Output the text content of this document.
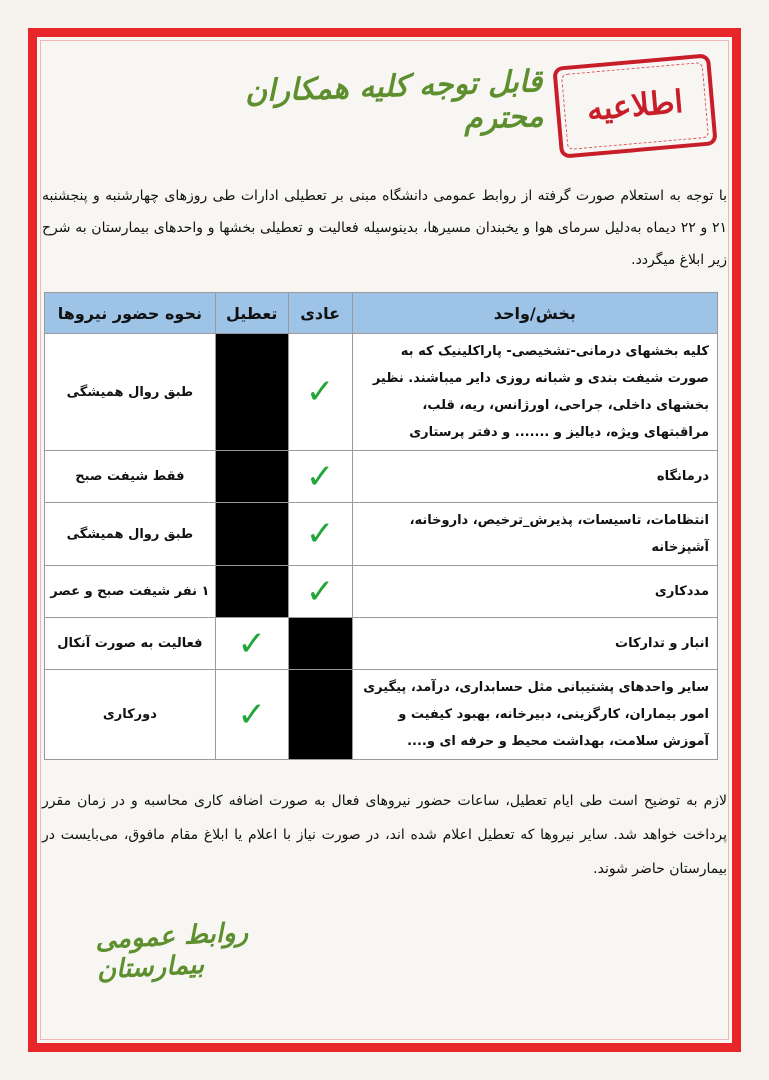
اطلاعیه
قابل توجه کلیه همکاران محترم
با توجه به استعلام صورت گرفته از روابط عمومی دانشگاه مبنی بر تعطیلی ادارات طی روزهای چهارشنبه و پنجشنبه ۲۱ و ۲۲ دیماه به‌دلیل سرمای هوا و یخبندان مسیرها، بدینوسیله فعالیت و تعطیلی بخشها و واحدهای بیمارستان به شرح زیر ابلاغ میگردد.
بخش/واحد	عادی	تعطیل	نحوه حضور نیروها
کلیه بخشهای درمانی-تشخیصی- پاراکلینیک که به صورت شیفت بندی و شبانه روزی دایر میباشند. نظیر بخشهای داخلی، جراحی، اورژانس، ریه، قلب، مراقبتهای ویژه، دیالیز و ....... و دفتر پرستاری	✓		طبق روال همیشگی
درمانگاه	✓		فقط شیفت صبح
انتظامات، تاسیسات، پذیرش_ترخیص، داروخانه، آشپزخانه	✓		طبق روال همیشگی
مددکاری	✓		۱ نفر شیفت صبح و عصر
انبار و تدارکات		✓	فعالیت به صورت آنکال
سایر واحدهای پشتیبانی مثل حسابداری، درآمد، پیگیری امور بیماران، کارگزینی، دبیرخانه، بهبود کیفیت و آموزش سلامت، بهداشت محیط و حرفه ای و....		✓	دورکاری
لازم به توضیح است طی ایام تعطیل، ساعات حضور نیروهای فعال به صورت اضافه کاری محاسبه و در زمان مقرر پرداخت خواهد شد. سایر نیروها که تعطیل اعلام شده اند، در صورت نیاز با اعلام یا ابلاغ مقام مافوق، می‌بایست در بیمارستان حاضر شوند.
روابط عمومی بیمارستان
